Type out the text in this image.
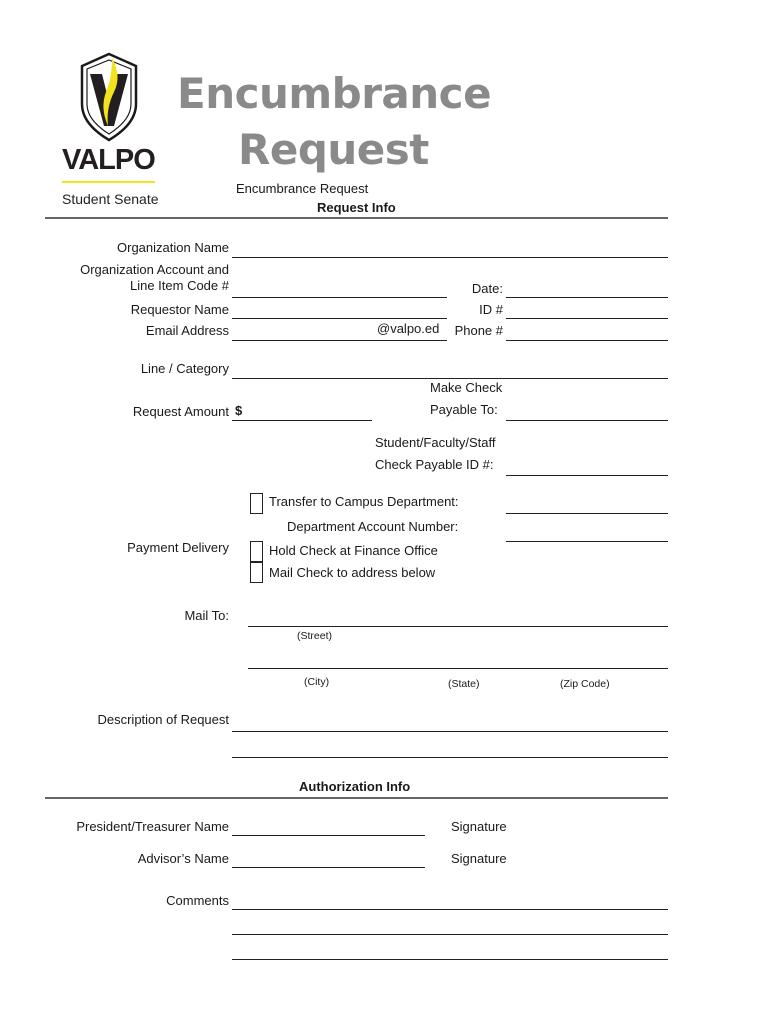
VALPO
Student Senate
Encumbrance
Request
Encumbrance Request
Request Info
Organization Name
Organization Account and
Line Item Code #	Date:
Requestor Name	ID #
Email Address	@valpo.ed Phone #
Line / Category
Make Check
Payable To:
Request Amount $
Student/Faculty/Staff
Check Payable ID #:
Transfer to Campus Department:
Department Account Number:
Payment Delivery	Hold Check at Finance Office
Mail Check to address below
Mail To:
(Street)
(City)	(State)	(Zip Code)
Description of Request
Authorization Info
President/Treasurer Name	Signature
Advisor’s Name	Signature
Comments
